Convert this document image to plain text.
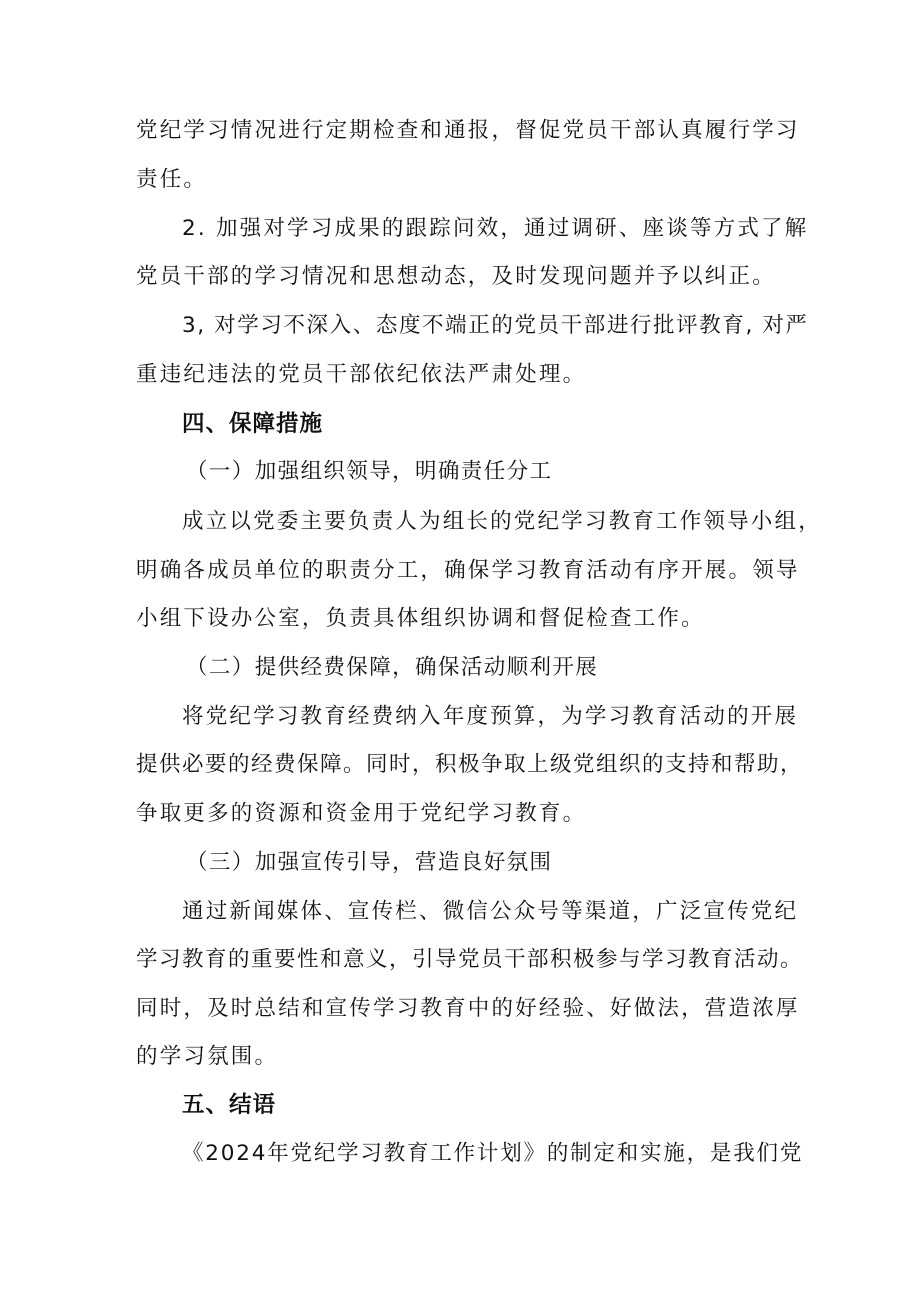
党纪学习情况进行定期检查和通报，督促党员干部认真履行学习
责任。
2. 加强对学习成果的跟踪问效，通过调研、座谈等方式了解
党员干部的学习情况和思想动态，及时发现问题并予以纠正。
3, 对学习不深入、态度不端正的党员干部进行批评教育, 对严
重违纪违法的党员干部依纪依法严肃处理。
四、保障措施
（一）加强组织领导，明确责任分工
成立以党委主要负责人为组长的党纪学习教育工作领导小组，
明确各成员单位的职责分工，确保学习教育活动有序开展。领导
小组下设办公室，负责具体组织协调和督促检查工作。
（二）提供经费保障，确保活动顺利开展
将党纪学习教育经费纳入年度预算，为学习教育活动的开展
提供必要的经费保障。同时，积极争取上级党组织的支持和帮助，
争取更多的资源和资金用于党纪学习教育。
（三）加强宣传引导，营造良好氛围
通过新闻媒体、宣传栏、微信公众号等渠道，广泛宣传党纪
学习教育的重要性和意义，引导党员干部积极参与学习教育活动。
同时，及时总结和宣传学习教育中的好经验、好做法，营造浓厚
的学习氛围。
五、结语
《2024年党纪学习教育工作计划》的制定和实施，是我们党
